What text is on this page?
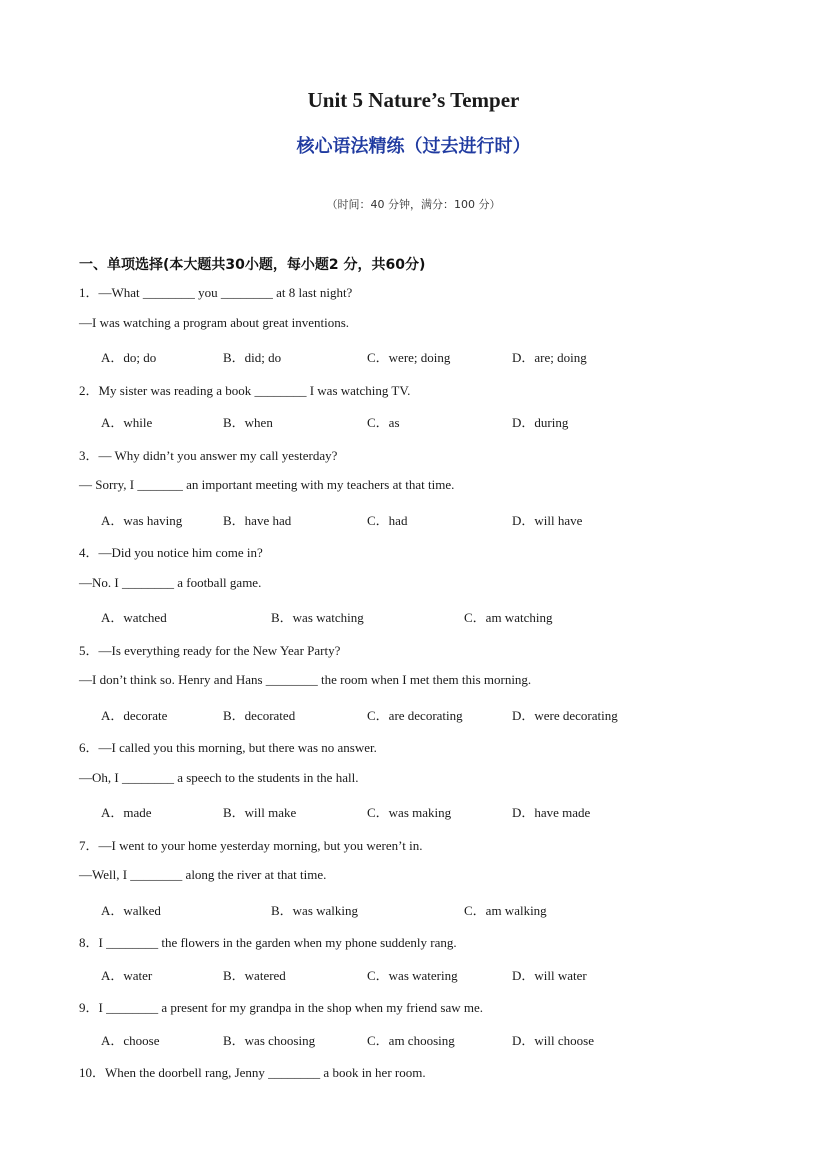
Unit 5 Nature’s Temper
核心语法精练（过去进行时）
（时间：40 分钟，满分：100 分）
一、单项选择(本大题共30小题，每小题2 分，共60分)
1．—What ________ you ________ at 8 last night?
—I was watching a program about great inventions.
A．do; do	B．did; do	C．were; doing	D．are; doing
2．My sister was reading a book ________ I was watching TV.
A．while	B．when	C．as	D．during
3．— Why didn’t you answer my call yesterday?
— Sorry, I _______ an important meeting with my teachers at that time.
A．was having	B．have had	C．had	D．will have
4．—Did you notice him come in?
—No. I ________ a football game.
A．watched	B．was watching	C．am watching
5．—Is everything ready for the New Year Party?
—I don’t think so. Henry and Hans ________ the room when I met them this morning.
A．decorate	B．decorated	C．are decorating	D．were decorating
6．—I called you this morning, but there was no answer.
—Oh, I ________ a speech to the students in the hall.
A．made	B．will make	C．was making	D．have made
7．—I went to your home yesterday morning, but you weren’t in.
—Well, I ________ along the river at that time.
A．walked	B．was walking	C．am walking
8．I ________ the flowers in the garden when my phone suddenly rang.
A．water	B．watered	C．was watering	D．will water
9．I ________ a present for my grandpa in the shop when my friend saw me.
A．choose	B．was choosing	C．am choosing	D．will choose
10．When the doorbell rang, Jenny ________ a book in her room.
